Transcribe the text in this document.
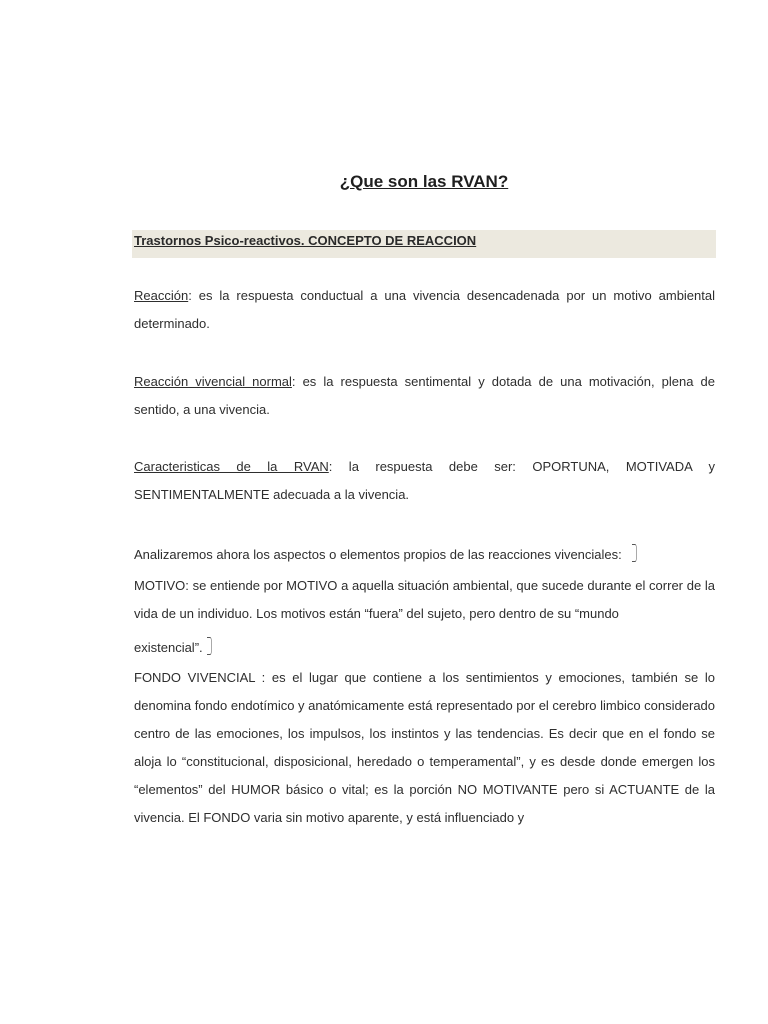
¿Que son las RVAN?
Trastornos Psico-reactivos. CONCEPTO DE REACCION
Reacción: es la respuesta conductual a una vivencia desencadenada por un motivo ambiental determinado.
Reacción vivencial normal: es la respuesta sentimental y dotada de una motivación, plena de sentido, a una vivencia.
Caracteristicas de la RVAN: la respuesta debe ser: OPORTUNA, MOTIVADA y SENTIMENTALMENTE adecuada a la vivencia.
Analizaremos ahora los aspectos o elementos propios de las reacciones vivenciales:
MOTIVO: se entiende por MOTIVO a aquella situación ambiental, que sucede durante el correr de la vida de un individuo. Los motivos están “fuera” del sujeto, pero dentro de su “mundo
existencial”.
FONDO VIVENCIAL : es el lugar que contiene a los sentimientos y emociones, también se lo denomina fondo endotímico y anatómicamente está representado por el cerebro limbico considerado centro de las emociones, los impulsos, los instintos y las tendencias. Es decir que en el fondo se aloja lo “constitucional, disposicional, heredado o temperamental”, y es desde donde emergen los “elementos” del HUMOR básico o vital; es la porción NO MOTIVANTE pero si ACTUANTE de la vivencia. El FONDO varia sin motivo aparente, y está influenciado y
